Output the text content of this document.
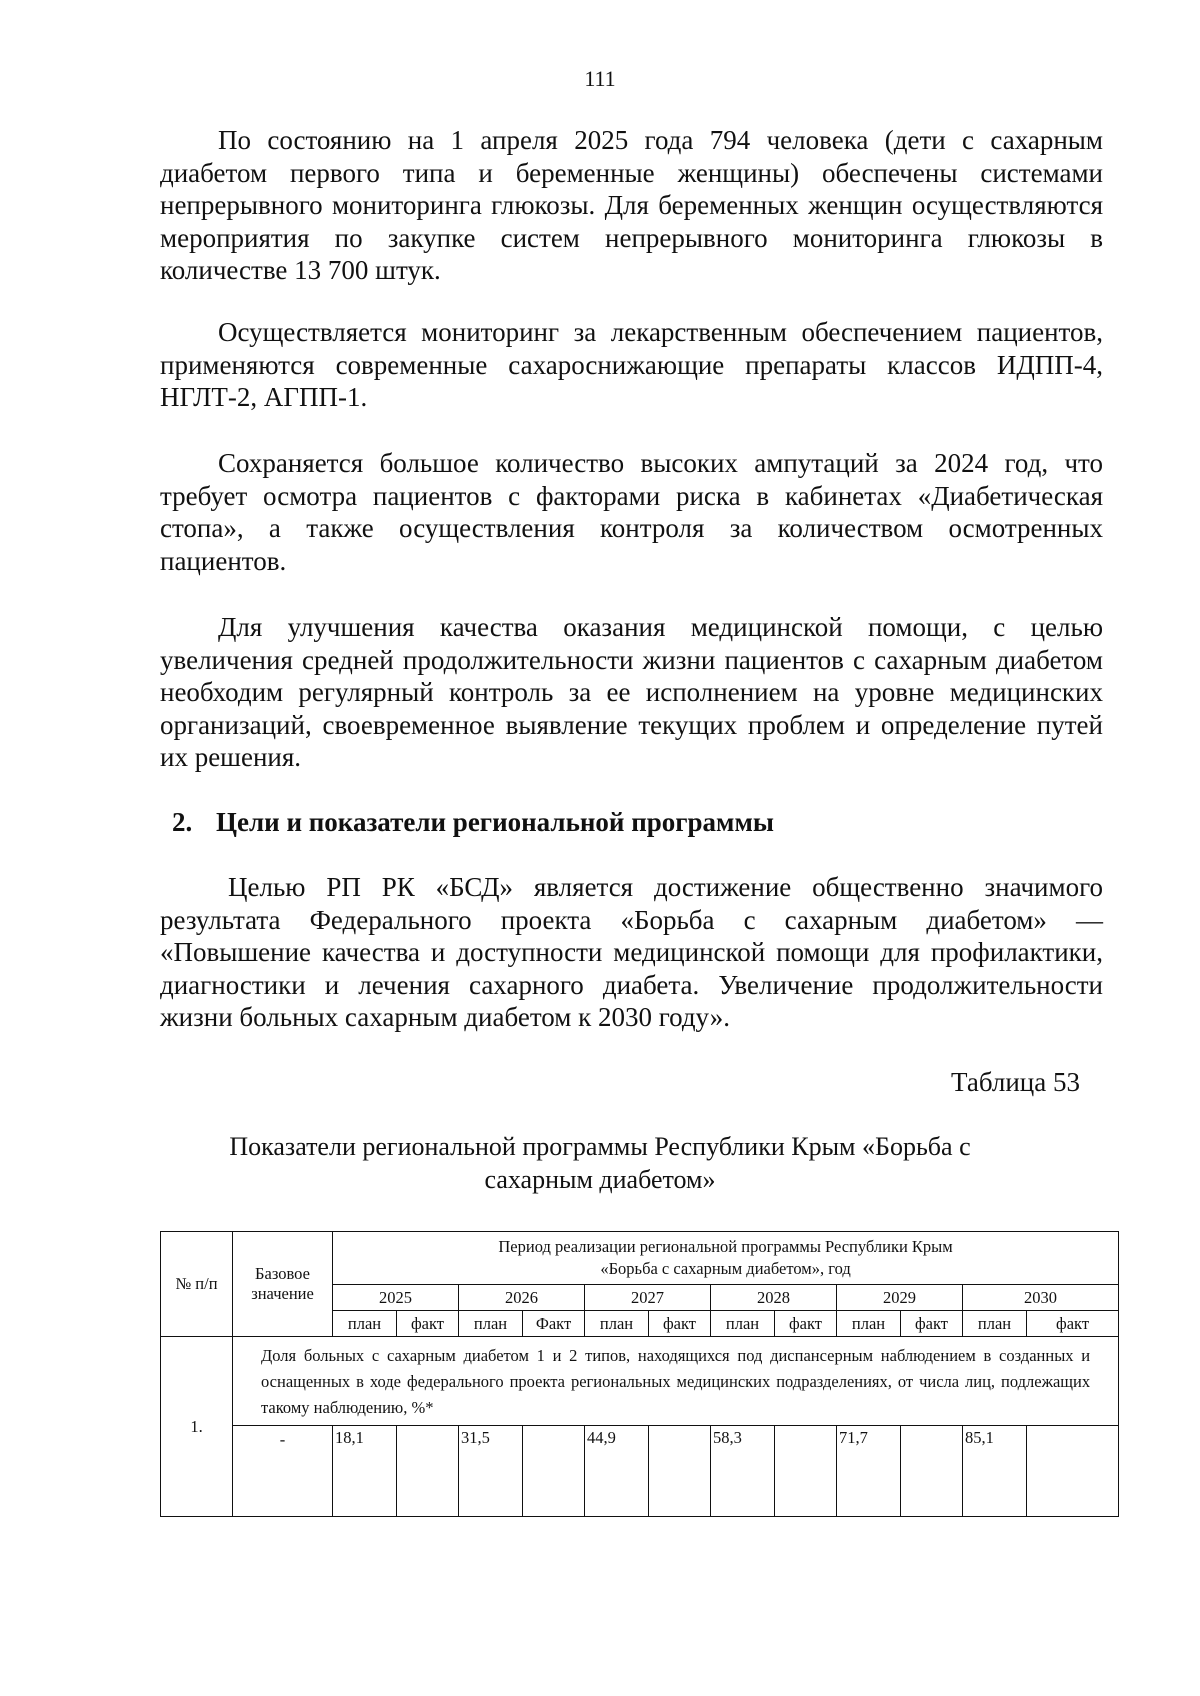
111

По состоянию на 1 апреля 2025 года 794 человека (дети с сахарным диабетом первого типа и беременные женщины) обеспечены системами непрерывного мониторинга глюкозы. Для беременных женщин осуществляются мероприятия по закупке систем непрерывного мониторинга глюкозы в количестве 13 700 штук.

Осуществляется мониторинг за лекарственным обеспечением пациентов, применяются современные сахароснижающие препараты классов ИДПП-4, НГЛТ-2, АГПП-1.

Сохраняется большое количество высоких ампутаций за 2024 год, что требует осмотра пациентов с факторами риска в кабинетах «Диабетическая стопа», а также осуществления контроля за количеством осмотренных пациентов.

Для улучшения качества оказания медицинской помощи, с целью увеличения средней продолжительности жизни пациентов с сахарным диабетом необходим регулярный контроль за ее исполнением на уровне медицинских организаций, своевременное выявление текущих проблем и определение путей их решения.

2. Цели и показатели региональной программы

Целью РП РК «БСД» является достижение общественно значимого результата Федерального проекта «Борьба с сахарным диабетом» — «Повышение качества и доступности медицинской помощи для профилактики, диагностики и лечения сахарного диабета. Увеличение продолжительности жизни больных сахарным диабетом к 2030 году».

Таблица 53
Показатели региональной программы Республики Крым «Борьба с
сахарным диабетом»
№ п/п	Базовое значение	Период реализации региональной программы Республики Крым
«Борьба с сахарным диабетом», год											

		2025		2026		2027		2028		2029		2030	
		план	факт	план	Факт	план	факт	план	факт	план	факт	план	факт
1.	Доля больных с сахарным диабетом 1 и 2 типов, находящихся под диспансерным наблюдением в созданных и оснащенных в ходе федерального проекта региональных медицинских подразделениях, от числа лиц, подлежащих такому наблюдению, %*												
	-	18,1		31,5		44,9		58,3		71,7		85,1	
